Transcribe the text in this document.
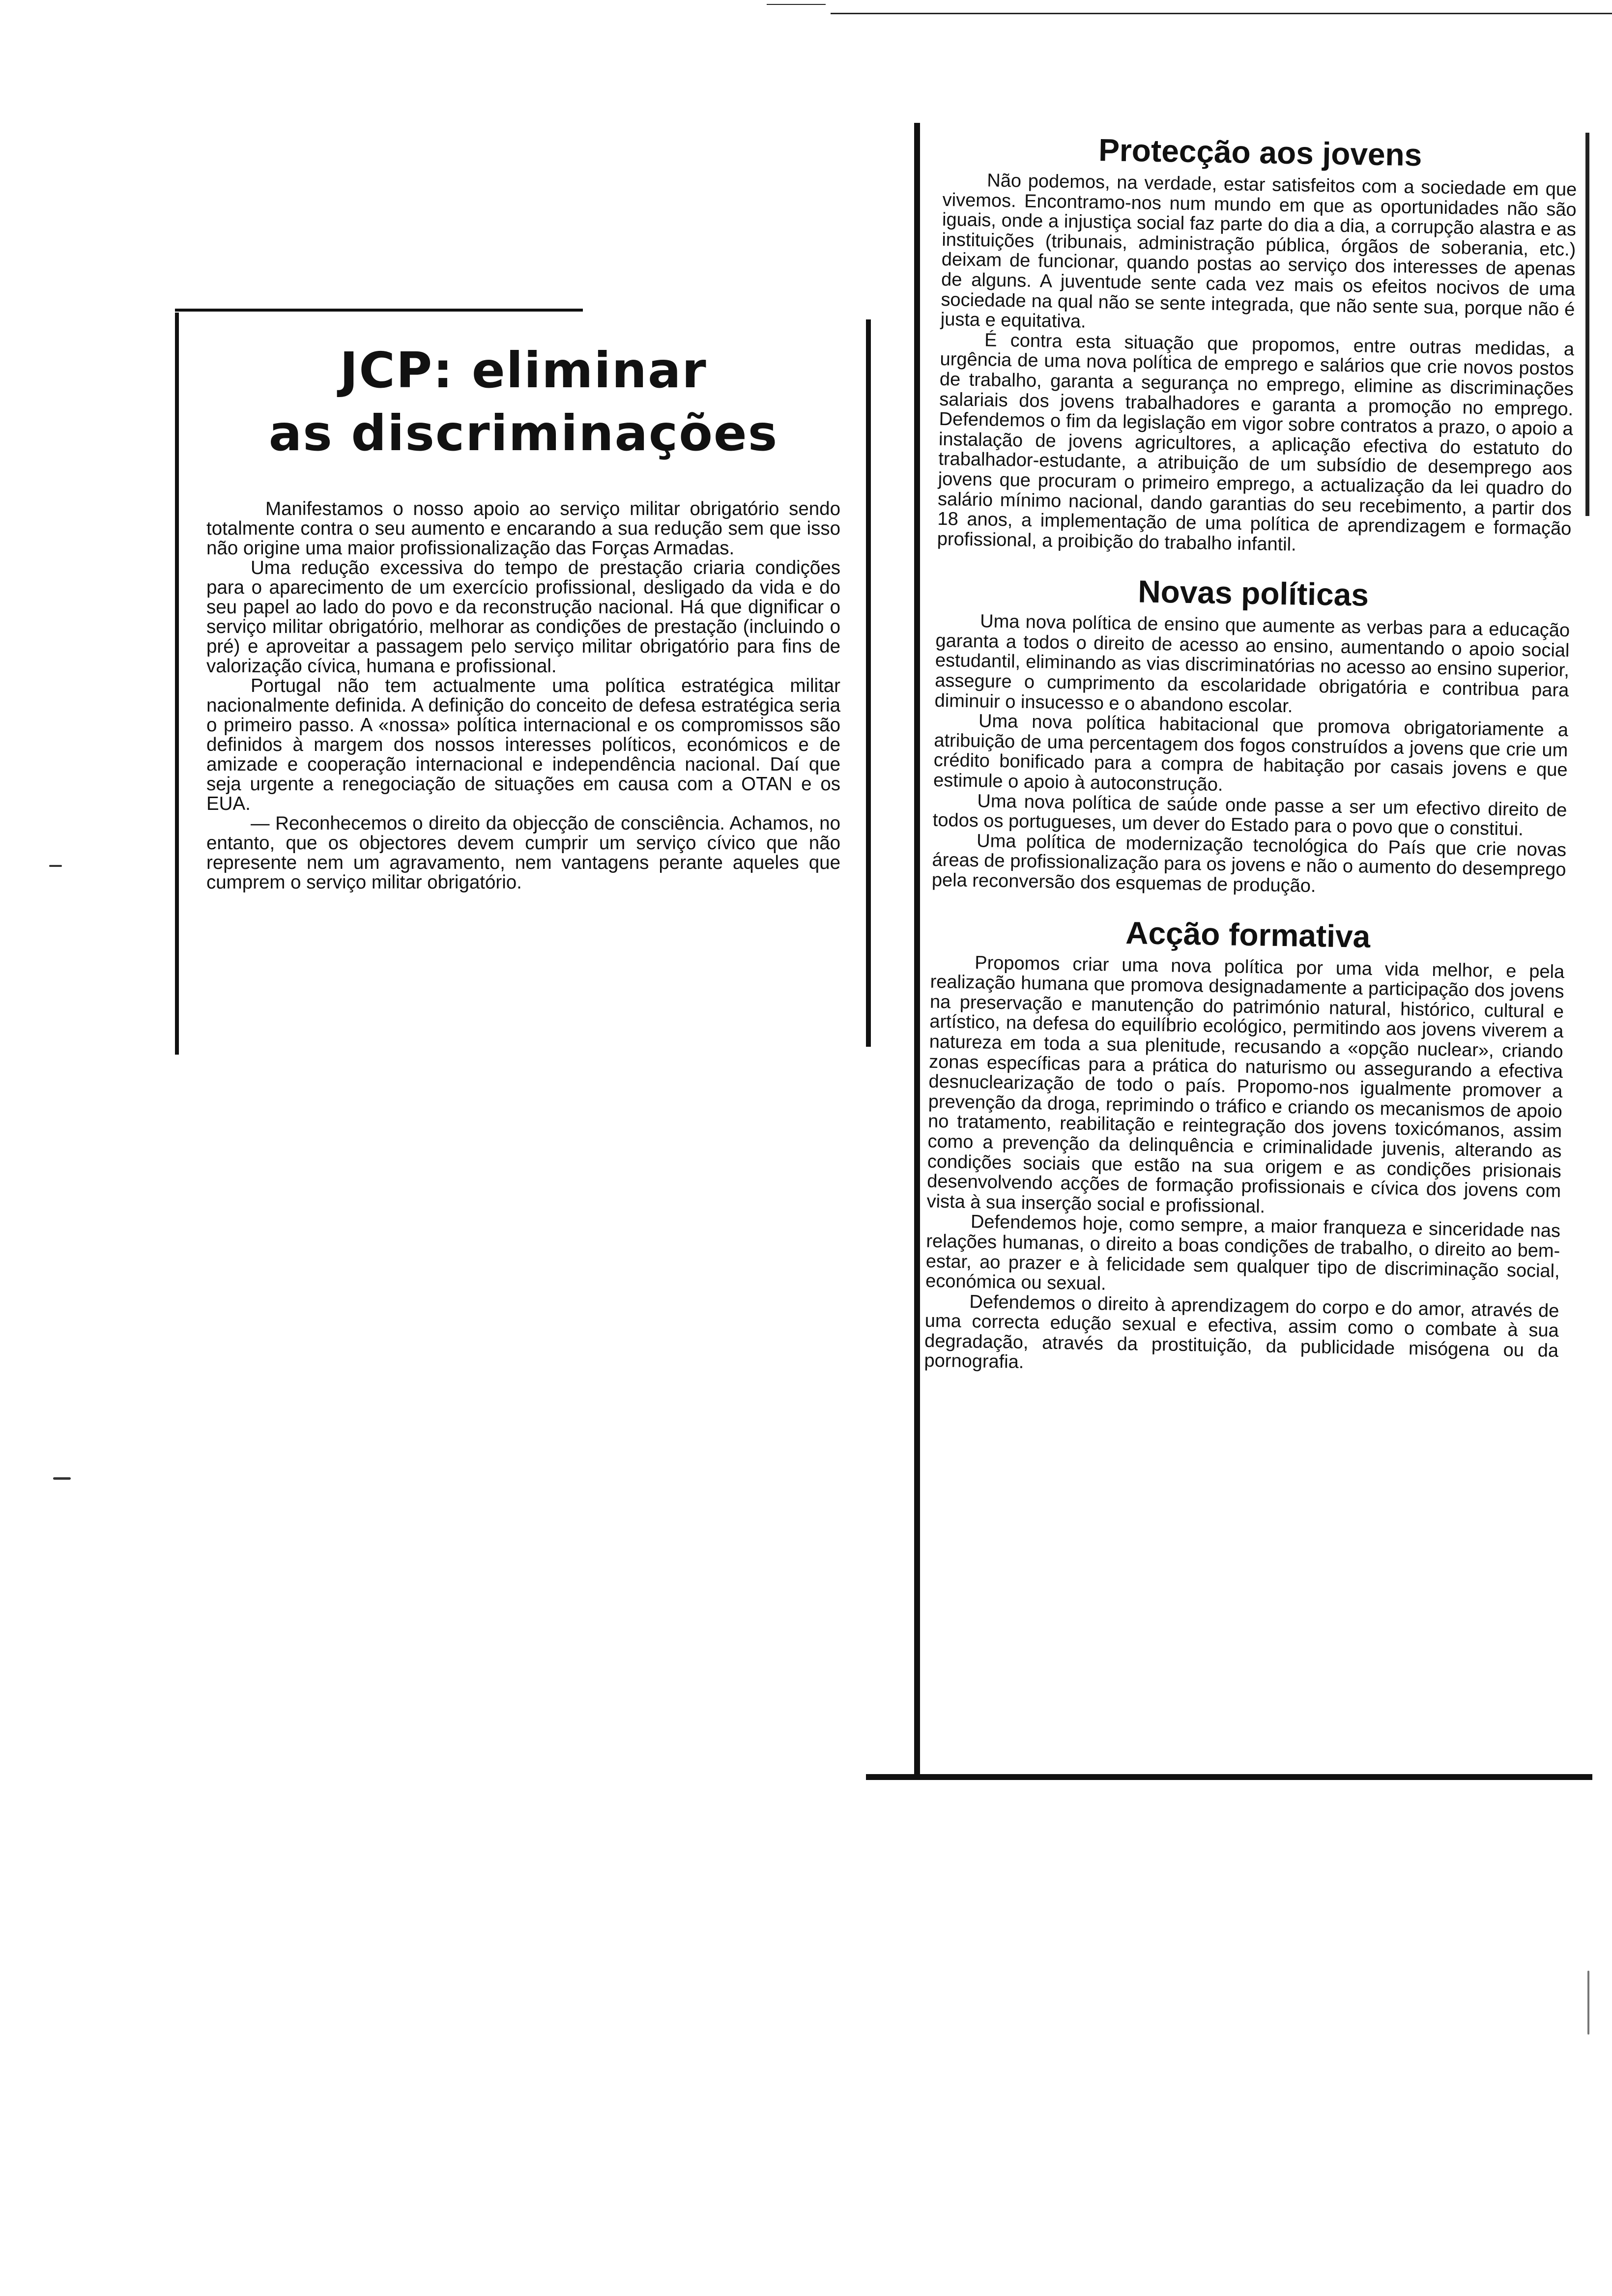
JCP: eliminar
as discriminações

Manifestamos o nosso apoio ao serviço militar obrigatório sendo totalmente contra o seu aumento e encarando a sua redução sem que isso não origine uma maior profissionalização das Forças Armadas.

Uma redução excessiva do tempo de prestação criaria condições para o aparecimento de um exercício profissional, desligado da vida e do seu papel ao lado do povo e da reconstrução nacional. Há que dignificar o serviço militar obrigatório, melhorar as condições de prestação (incluindo o pré) e aproveitar a passagem pelo serviço militar obrigatório para fins de valorização cívica, humana e profissional.

Portugal não tem actualmente uma política estratégica militar nacionalmente definida. A definição do conceito de defesa estratégica seria o primeiro passo. A «nossa» política internacional e os compromissos são definidos à margem dos nossos interesses políticos, económicos e de amizade e cooperação internacional e independência nacional. Daí que seja urgente a renegociação de situações em causa com a OTAN e os EUA.

— Reconhecemos o direito da objecção de consciência. Achamos, no entanto, que os objectores devem cumprir um serviço cívico que não represente nem um agravamento, nem vantagens perante aqueles que cumprem o serviço militar obrigatório.

Protecção aos jovens

Não podemos, na verdade, estar satisfeitos com a sociedade em que vivemos. Encontramo-nos num mundo em que as oportunidades não são iguais, onde a injustiça social faz parte do dia a dia, a corrupção alastra e as instituições (tribunais, administração pública, órgãos de soberania, etc.) deixam de funcionar, quando postas ao serviço dos interesses de apenas de alguns. A juventude sente cada vez mais os efeitos nocivos de uma sociedade na qual não se sente integrada, que não sente sua, porque não é justa e equitativa.

É contra esta situação que propomos, entre outras medidas, a urgência de uma nova política de emprego e salários que crie novos postos de trabalho, garanta a segurança no emprego, elimine as discriminações salariais dos jovens trabalhadores e garanta a promoção no emprego. Defendemos o fim da legislação em vigor sobre contratos a prazo, o apoio a instalação de jovens agricultores, a aplicação efectiva do estatuto do trabalhador-estudante, a atribuição de um subsídio de desemprego aos jovens que procuram o primeiro emprego, a actualização da lei quadro do salário mínimo nacional, dando garantias do seu recebimento, a partir dos 18 anos, a implementação de uma política de aprendizagem e formação profissional, a proibição do trabalho infantil.

Novas políticas

Uma nova política de ensino que aumente as verbas para a educação garanta a todos o direito de acesso ao ensino, aumentando o apoio social estudantil, eliminando as vias discriminatórias no acesso ao ensino superior, assegure o cumprimento da escolaridade obrigatória e contribua para diminuir o insucesso e o abandono escolar.

Uma nova política habitacional que promova obrigatoriamente a atribuição de uma percentagem dos fogos construídos a jovens que crie um crédito bonificado para a compra de habitação por casais jovens e que estimule o apoio à autoconstrução.

Uma nova política de saúde onde passe a ser um efectivo direito de todos os portugueses, um dever do Estado para o povo que o constitui.

Uma política de modernização tecnológica do País que crie novas áreas de profissionalização para os jovens e não o aumento do desemprego pela reconversão dos esquemas de produção.

Acção formativa

Propomos criar uma nova política por uma vida melhor, e pela realização humana que promova designadamente a participação dos jovens na preservação e manutenção do património natural, histórico, cultural e artístico, na defesa do equilíbrio ecológico, permitindo aos jovens viverem a natureza em toda a sua plenitude, recusando a «opção nuclear», criando zonas específicas para a prática do naturismo ou assegurando a efectiva desnuclearização de todo o país. Propomo-nos igualmente promover a prevenção da droga, reprimindo o tráfico e criando os mecanismos de apoio no tratamento, reabilitação e reintegração dos jovens toxicómanos, assim como a prevenção da delinquência e criminalidade juvenis, alterando as condições sociais que estão na sua origem e as condições prisionais desenvolvendo acções de formação profissionais e cívica dos jovens com vista à sua inserção social e profissional.

Defendemos hoje, como sempre, a maior franqueza e sinceridade nas relações humanas, o direito a boas condições de trabalho, o direito ao bem-estar, ao prazer e à felicidade sem qualquer tipo de discriminação social, económica ou sexual.

Defendemos o direito à aprendizagem do corpo e do amor, através de uma correcta edução sexual e efectiva, assim como o combate à sua degradação, através da prostituição, da publicidade misógena ou da pornografia.
